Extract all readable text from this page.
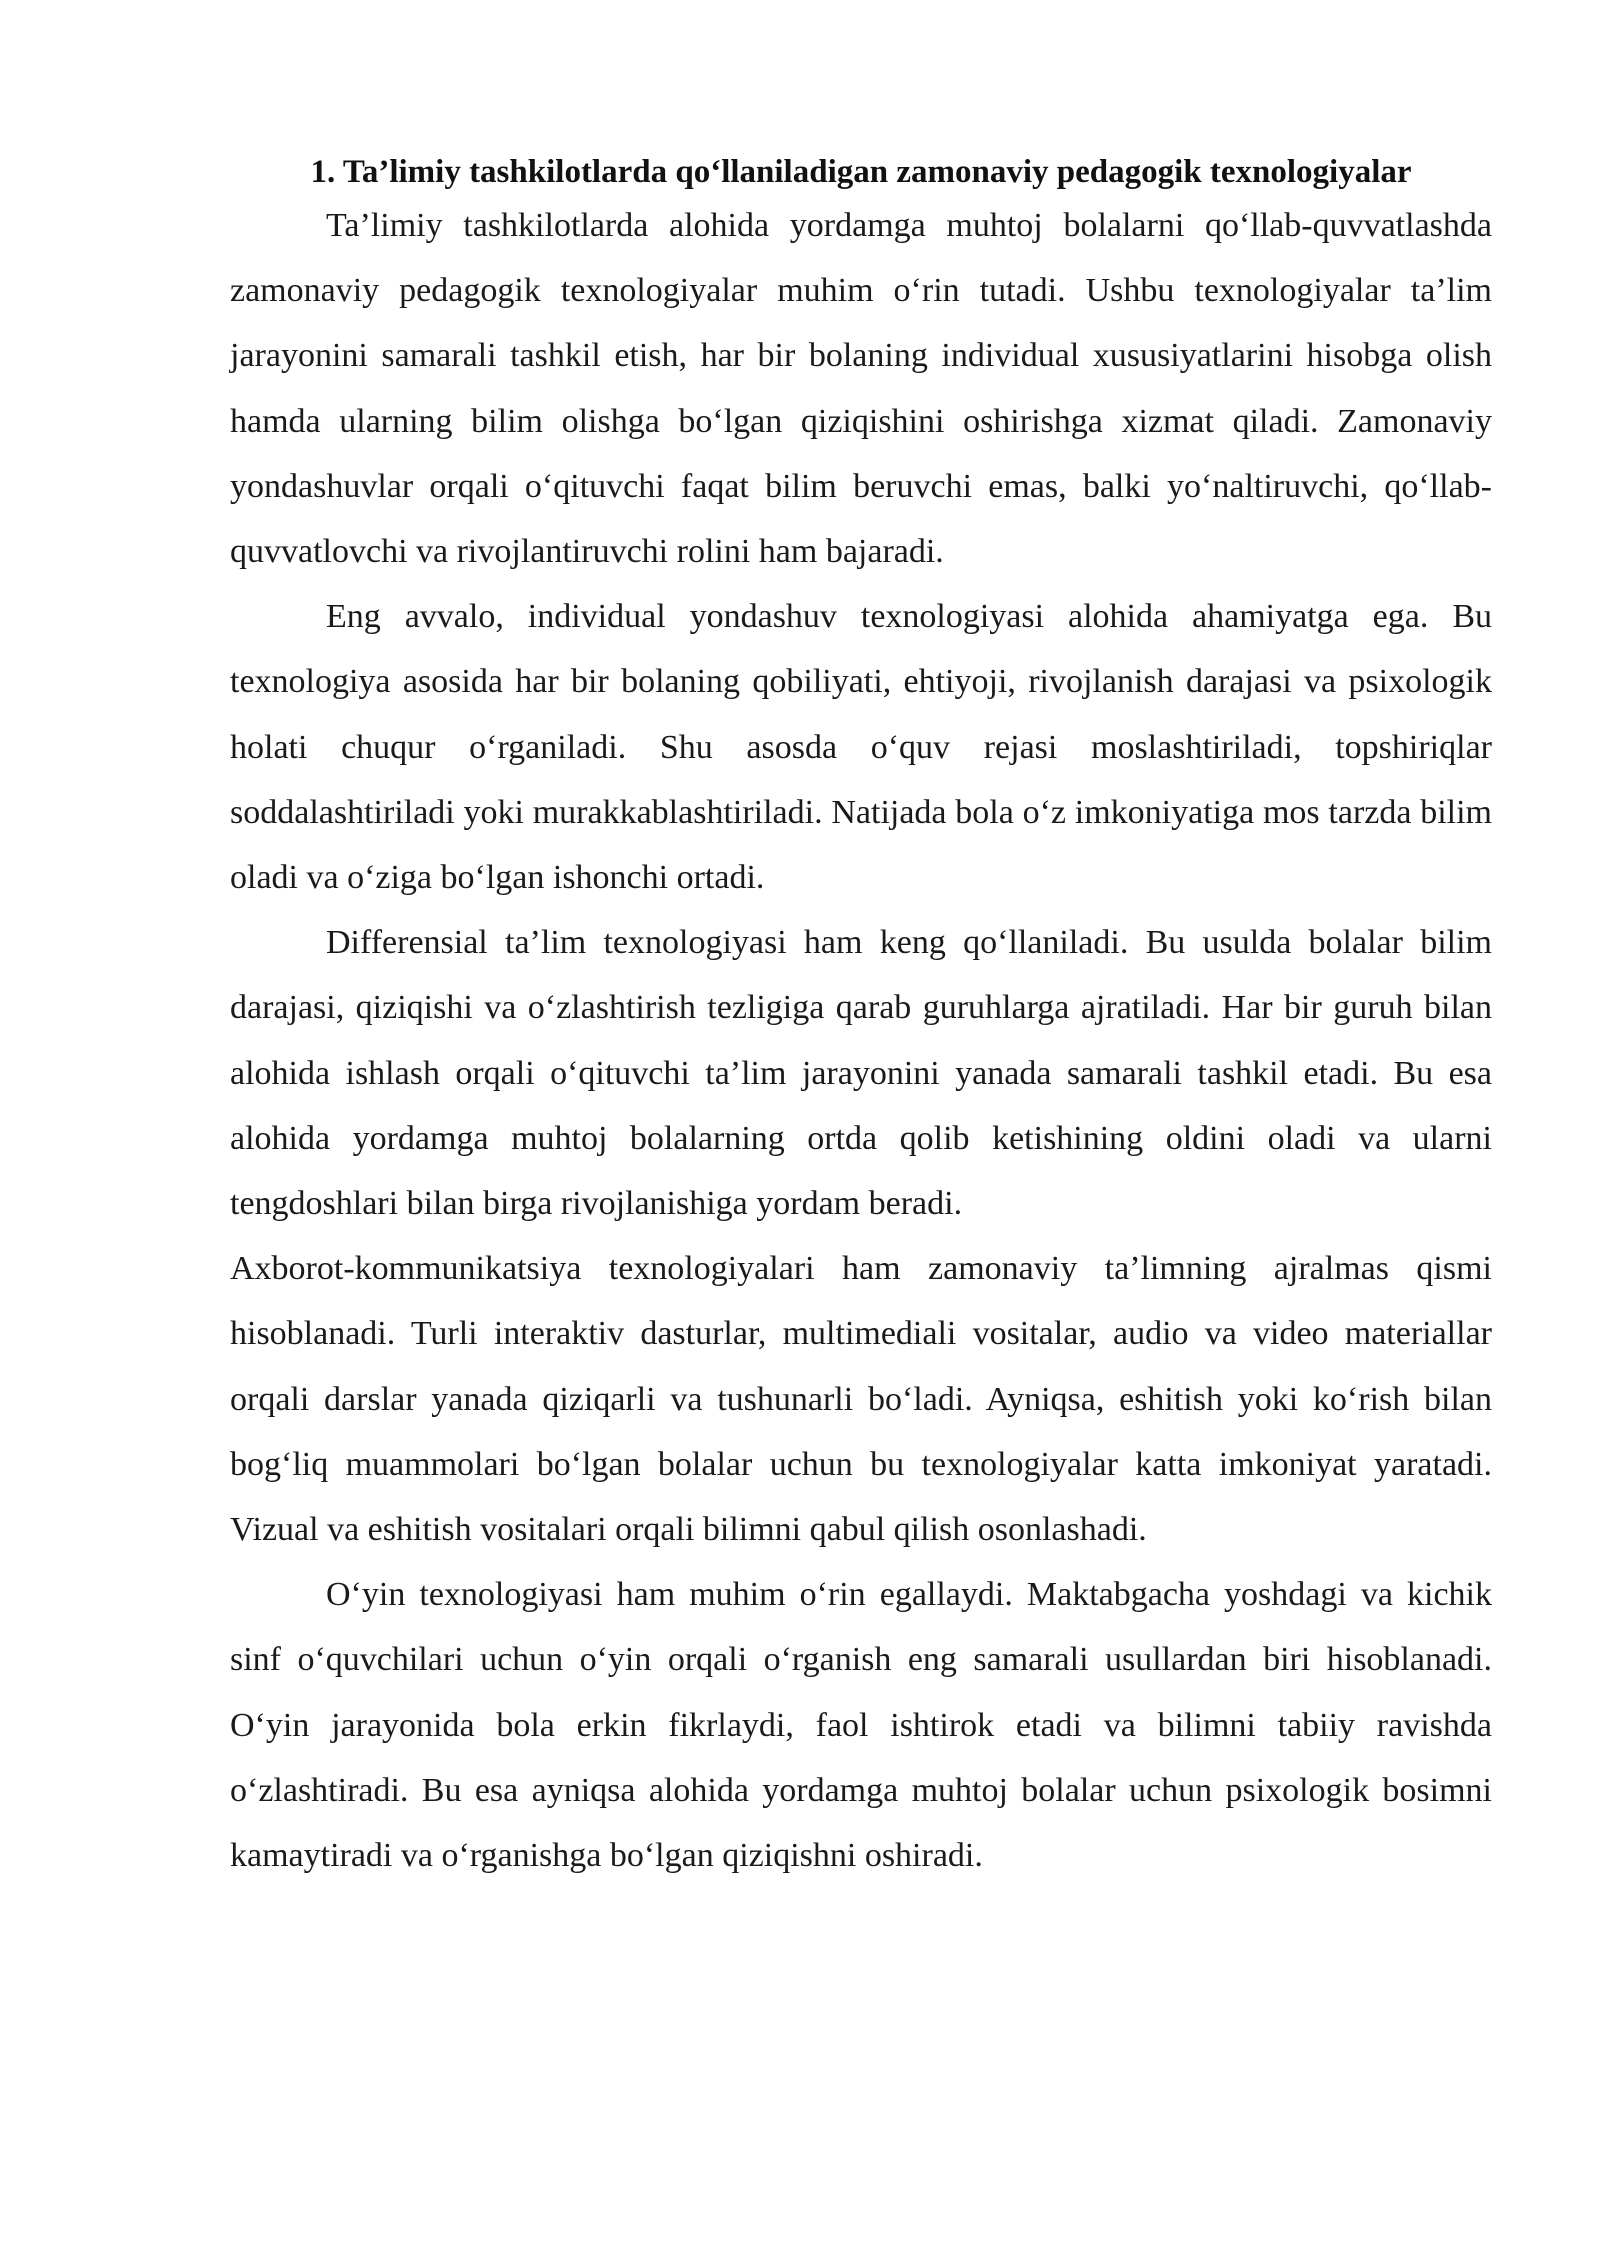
1. Ta’limiy tashkilotlarda qo‘llaniladigan zamonaviy pedagogik texnologiyalar

Ta’limiy tashkilotlarda alohida yordamga muhtoj bolalarni qo‘llab-quvvatlashda zamonaviy pedagogik texnologiyalar muhim o‘rin tutadi. Ushbu texnologiyalar ta’lim jarayonini samarali tashkil etish, har bir bolaning individual xususiyatlarini hisobga olish hamda ularning bilim olishga bo‘lgan qiziqishini oshirishga xizmat qiladi. Zamonaviy yondashuvlar orqali o‘qituvchi faqat bilim beruvchi emas, balki yo‘naltiruvchi, qo‘llab-quvvatlovchi va rivojlantiruvchi rolini ham bajaradi.

Eng avvalo, individual yondashuv texnologiyasi alohida ahamiyatga ega. Bu texnologiya asosida har bir bolaning qobiliyati, ehtiyoji, rivojlanish darajasi va psixologik holati chuqur o‘rganiladi. Shu asosda o‘quv rejasi moslashtiriladi, topshiriqlar soddalashtiriladi yoki murakkablashtiriladi. Natijada bola o‘z imkoniyatiga mos tarzda bilim oladi va o‘ziga bo‘lgan ishonchi ortadi.

Differensial ta’lim texnologiyasi ham keng qo‘llaniladi. Bu usulda bolalar bilim darajasi, qiziqishi va o‘zlashtirish tezligiga qarab guruhlarga ajratiladi. Har bir guruh bilan alohida ishlash orqali o‘qituvchi ta’lim jarayonini yanada samarali tashkil etadi. Bu esa alohida yordamga muhtoj bolalarning ortda qolib ketishining oldini oladi va ularni tengdoshlari bilan birga rivojlanishiga yordam beradi.

Axborot-kommunikatsiya texnologiyalari ham zamonaviy ta’limning ajralmas qismi hisoblanadi. Turli interaktiv dasturlar, multimediali vositalar, audio va video materiallar orqali darslar yanada qiziqarli va tushunarli bo‘ladi. Ayniqsa, eshitish yoki ko‘rish bilan bog‘liq muammolari bo‘lgan bolalar uchun bu texnologiyalar katta imkoniyat yaratadi. Vizual va eshitish vositalari orqali bilimni qabul qilish osonlashadi.

O‘yin texnologiyasi ham muhim o‘rin egallaydi. Maktabgacha yoshdagi va kichik sinf o‘quvchilari uchun o‘yin orqali o‘rganish eng samarali usullardan biri hisoblanadi. O‘yin jarayonida bola erkin fikrlaydi, faol ishtirok etadi va bilimni tabiiy ravishda o‘zlashtiradi. Bu esa ayniqsa alohida yordamga muhtoj bolalar uchun psixologik bosimni kamaytiradi va o‘rganishga bo‘lgan qiziqishni oshiradi.
